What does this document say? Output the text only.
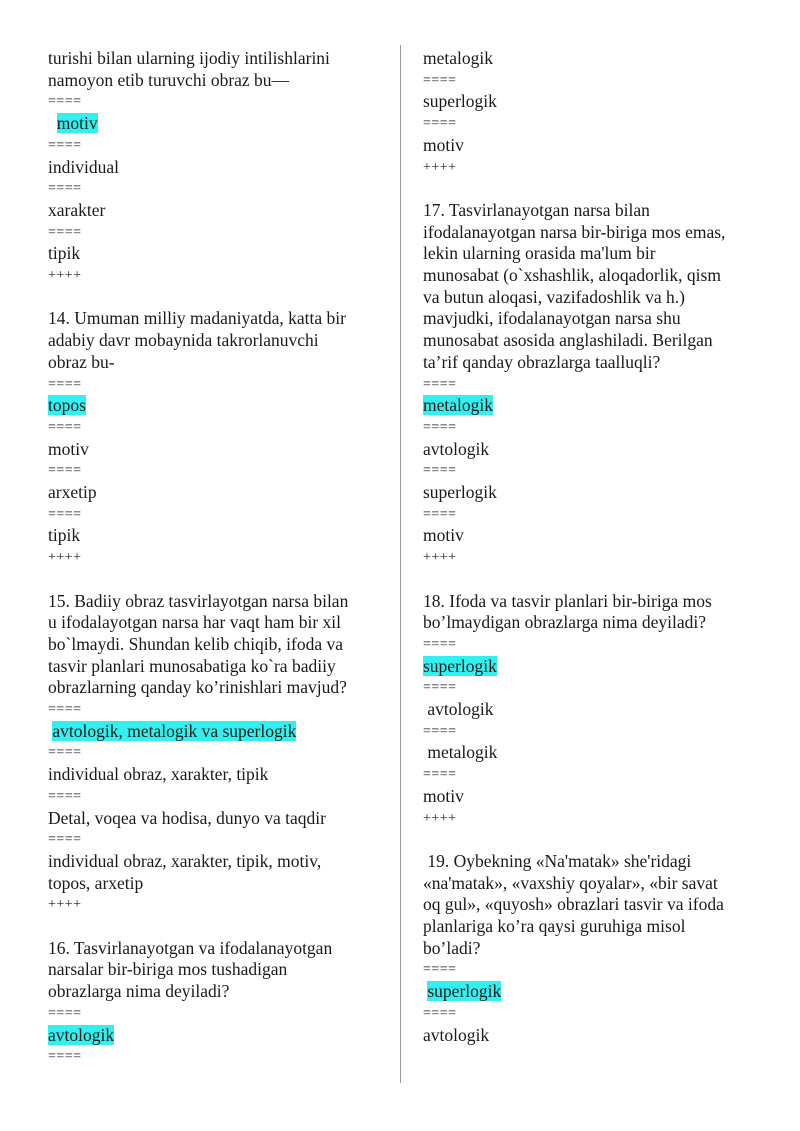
turishi bilan ularning ijodiy intilishlarini
namoyon etib turuvchi obraz bu—
====
motiv
====
individual
====
xarakter
====
tipik
++++
14. Umuman milliy madaniyatda, katta bir
adabiy davr mobaynida takrorlanuvchi
obraz bu-
====
topos
====
motiv
====
arxetip
====
tipik
++++
15. Badiiy obraz tasvirlayotgan narsa bilan
u ifodalayotgan narsa har vaqt ham bir xil
bo`lmaydi. Shundan kelib chiqib, ifoda va
tasvir planlari munosabatiga ko`ra badiiy
obrazlarning qanday ko’rinishlari mavjud?
====
avtologik, metalogik va superlogik
====
individual obraz, xarakter, tipik
====
Detal, voqea va hodisa, dunyo va taqdir
====
individual obraz, xarakter, tipik, motiv,
topos, arxetip
++++
16. Tasvirlanayotgan va ifodalanayotgan
narsalar bir-biriga mos tushadigan
obrazlarga nima deyiladi?
====
avtologik
====
metalogik
====
superlogik
====
motiv
++++
17. Tasvirlanayotgan narsa bilan
ifodalanayotgan narsa bir-biriga mos emas,
lekin ularning orasida ma'lum bir
munosabat (o`xshashlik, aloqadorlik, qism
va butun aloqasi, vazifadoshlik va h.)
mavjudki, ifodalanayotgan narsa shu
munosabat asosida anglashiladi. Berilgan
ta’rif qanday obrazlarga taalluqli?
====
metalogik
====
avtologik
====
superlogik
====
motiv
++++
18. Ifoda va tasvir planlari bir-biriga mos
bo’lmaydigan obrazlarga nima deyiladi?
====
superlogik
====
avtologik
====
metalogik
====
motiv
++++
19. Oybekning «Na'matak» she'ridagi
«na'matak», «vaxshiy qoyalar», «bir savat
oq gul», «quyosh» obrazlari tasvir va ifoda
planlariga ko’ra qaysi guruhiga misol
bo’ladi?
====
superlogik
====
avtologik
